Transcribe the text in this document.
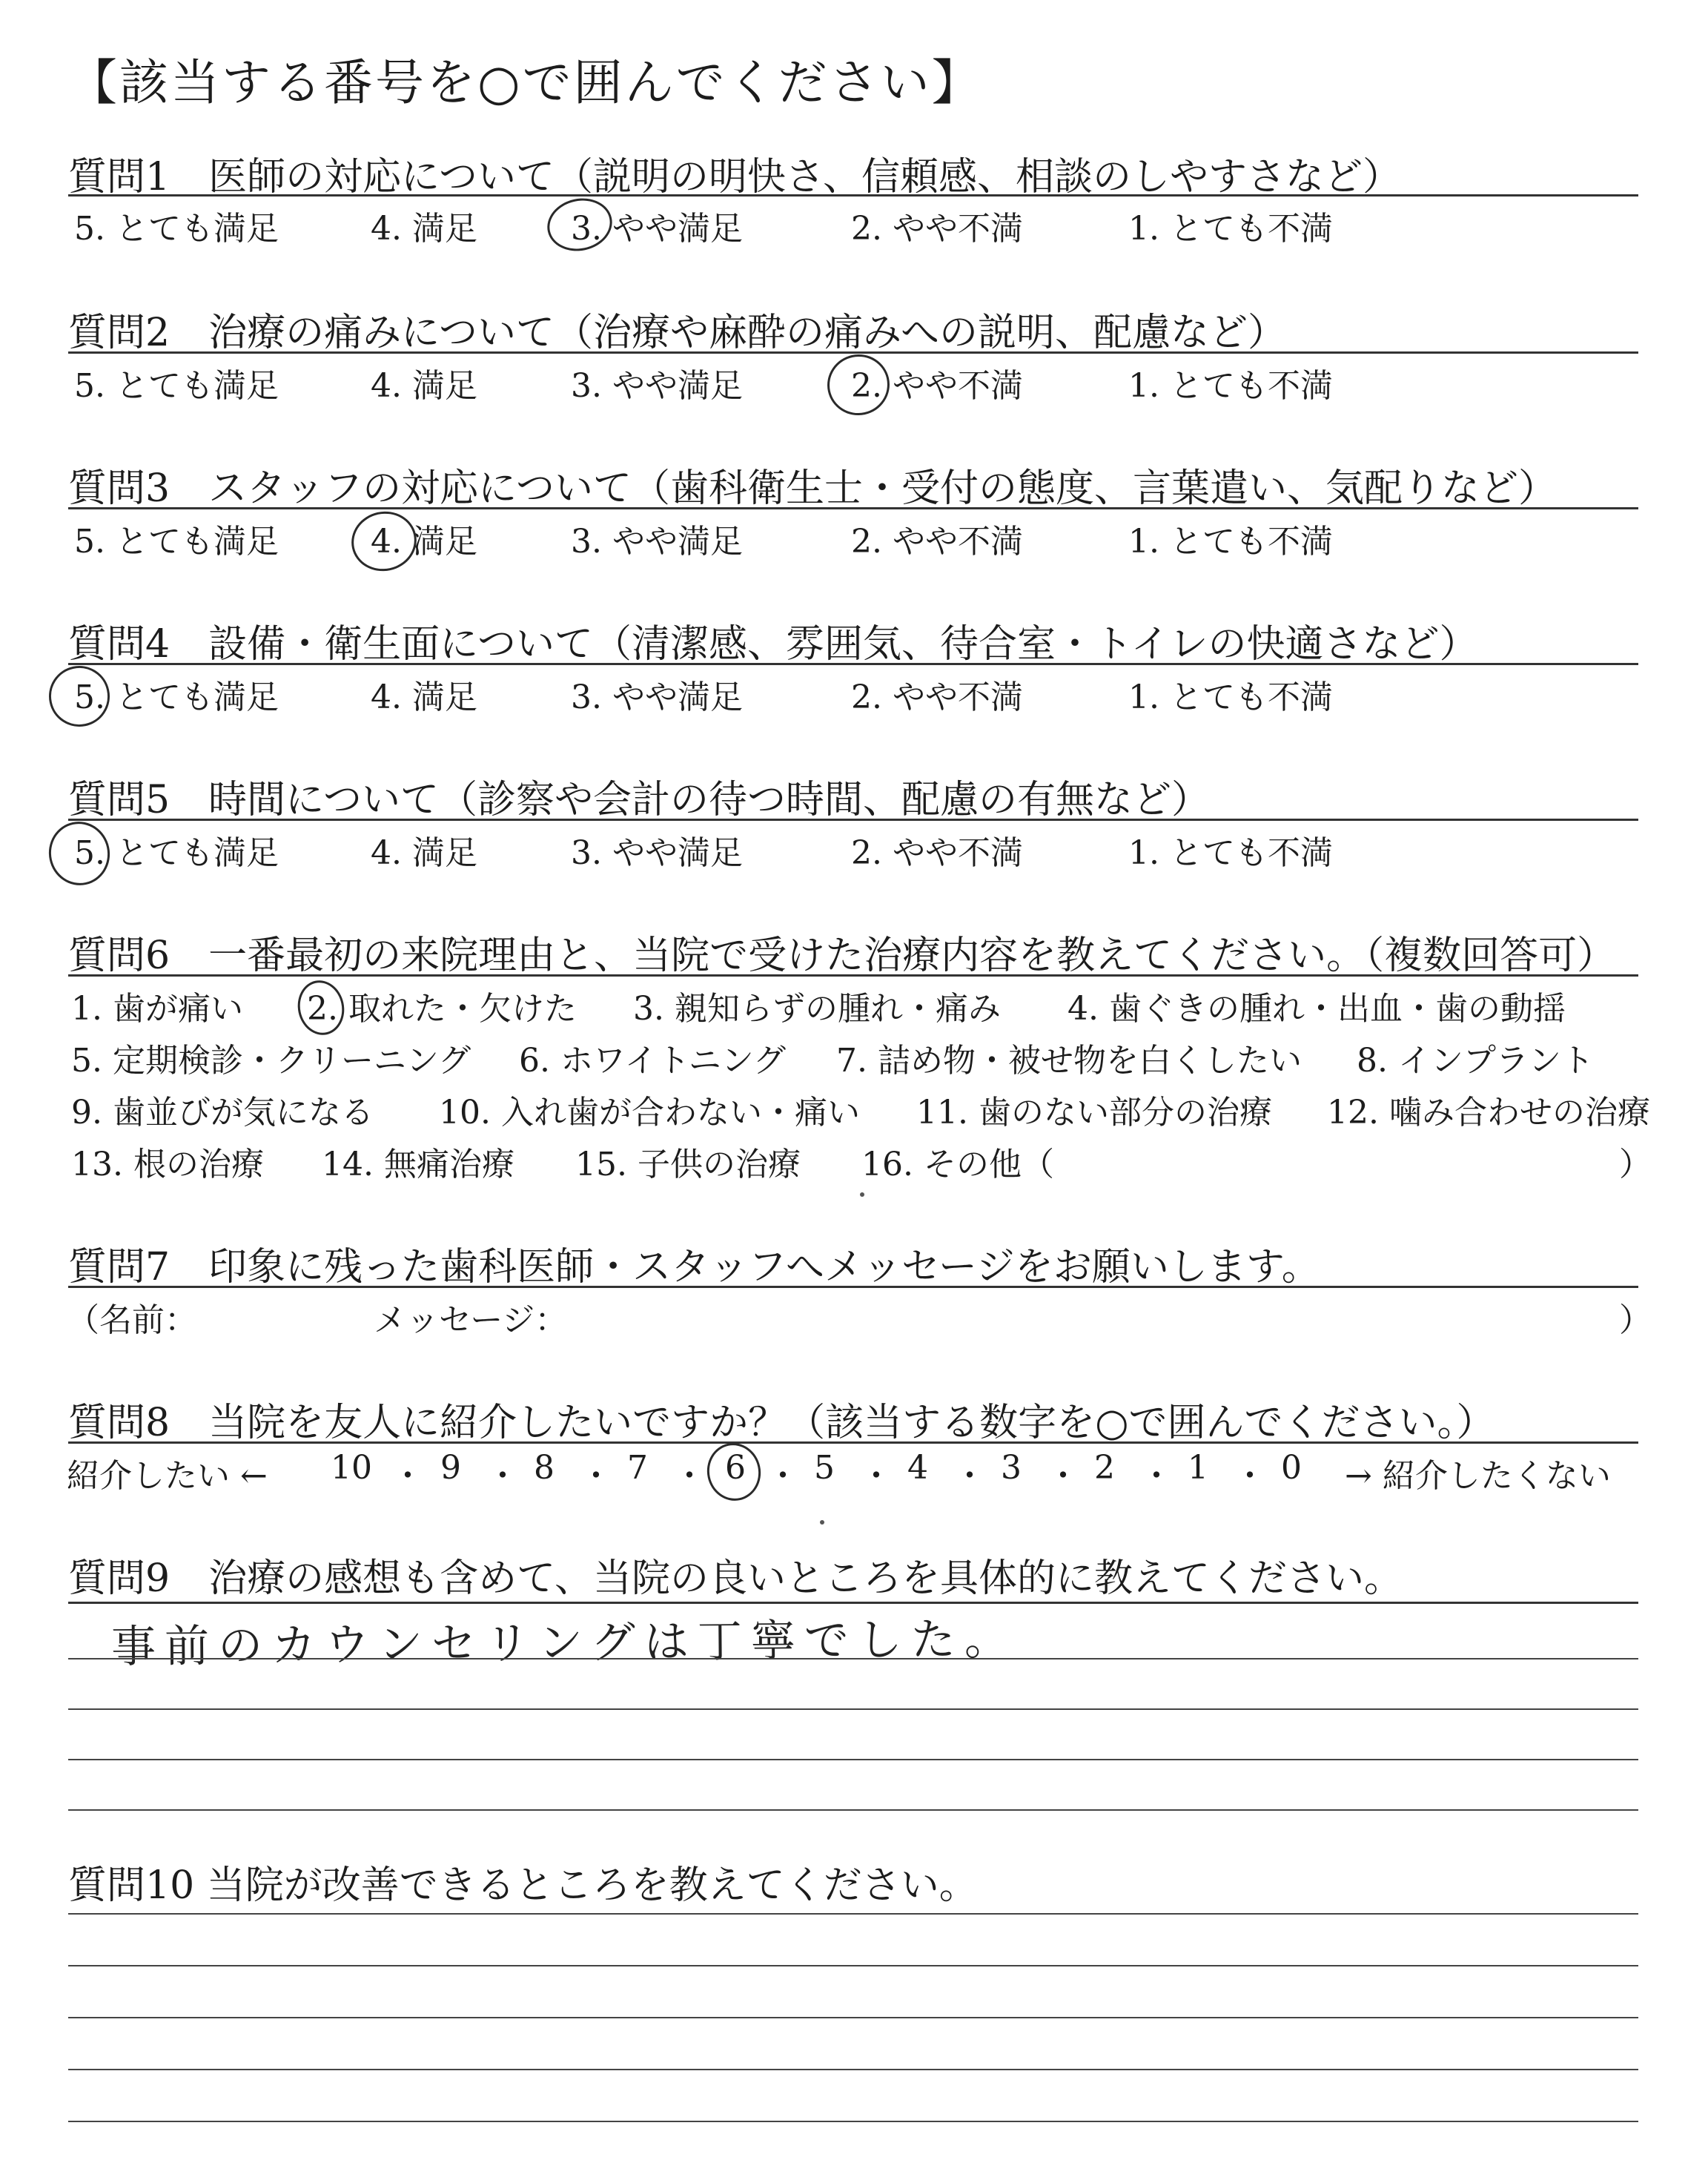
【該当する番号を○で囲んでください】
質問1　医師の対応について（説明の明快さ、信頼感、相談のしやすさなど）
5. とても満足	4. 満足	3. やや満足	2. やや不満	1. とても不満
質問2　治療の痛みについて（治療や麻酔の痛みへの説明、配慮など）
5. とても満足	4. 満足	3. やや満足	2. やや不満	1. とても不満
質問3　スタッフの対応について（歯科衛生士・受付の態度、言葉遣い、気配りなど）
5. とても満足	4. 満足	3. やや満足	2. やや不満	1. とても不満
質問4　設備・衛生面について（清潔感、雰囲気、待合室・トイレの快適さなど）
5. とても満足	4. 満足	3. やや満足	2. やや不満	1. とても不満
質問5　時間について（診察や会計の待つ時間、配慮の有無など）
5. とても満足	4. 満足	3. やや満足	2. やや不満	1. とても不満
質問6　一番最初の来院理由と、当院で受けた治療内容を教えてください。（複数回答可）
1. 歯が痛い 2. 取れた・欠けた 3. 親知らずの腫れ・痛み 4. 歯ぐきの腫れ・出血・歯の動揺
5. 定期検診・クリーニング 6. ホワイトニング 7. 詰め物・被せ物を白くしたい 8. インプラント
9. 歯並びが気になる 10. 入れ歯が合わない・痛い 11. 歯のない部分の治療 12. 噛み合わせの治療
13. 根の治療 14. 無痛治療 15. 子供の治療 16. その他（	）
質問7　印象に残った歯科医師・スタッフへメッセージをお願いします。
（名前：	メッセージ：	）
質問8　当院を友人に紹介したいですか？（該当する数字を○で囲んでください。）
紹介したい ← 10 ・ 9 ・ 8 ・ 7 ・ 6 ・ 5 ・ 4 ・ 3 ・ 2 ・ 1 ・ 0 → 紹介したくない
質問9　治療の感想も含めて、当院の良いところを具体的に教えてください。
事前のカウンセリングは丁寧でした。
質問10 当院が改善できるところを教えてください。
